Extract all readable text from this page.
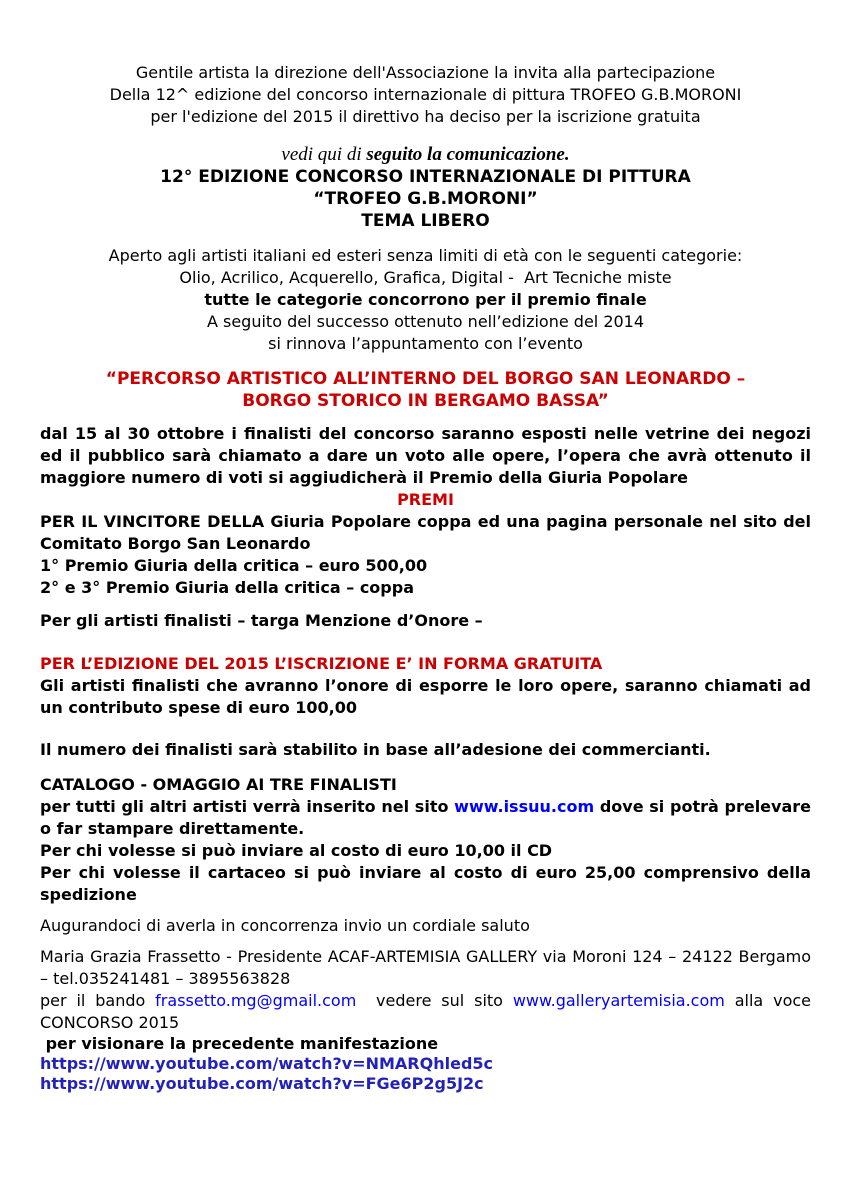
Gentile artista la direzione dell'Associazione la invita alla partecipazione

Della 12^ edizione del concorso internazionale di pittura TROFEO G.B.MORONI

per l'edizione del 2015 il direttivo ha deciso per la iscrizione gratuita

vedi qui di seguito la comunicazione.

12° EDIZIONE CONCORSO INTERNAZIONALE DI PITTURA

“TROFEO G.B.MORONI”

TEMA LIBERO

Aperto agli artisti italiani ed esteri senza limiti di età con le seguenti categorie:

Olio, Acrilico, Acquerello, Grafica, Digital -  Art Tecniche miste

tutte le categorie concorrono per il premio finale

A seguito del successo ottenuto nell’edizione del 2014

si rinnova l’appuntamento con l’evento

“PERCORSO ARTISTICO ALL’INTERNO DEL BORGO SAN LEONARDO –

BORGO STORICO IN BERGAMO BASSA”

dal 15 al 30 ottobre i finalisti del concorso saranno esposti nelle vetrine dei negozi ed il pubblico sarà chiamato a dare un voto alle opere, l’opera che avrà ottenuto il maggiore numero di voti si aggiudicherà il Premio della Giuria Popolare

PREMI

PER IL VINCITORE DELLA Giuria Popolare coppa ed una pagina personale nel sito del Comitato Borgo San Leonardo

1° Premio Giuria della critica – euro 500,00

2° e 3° Premio Giuria della critica – coppa

Per gli artisti finalisti – targa Menzione d’Onore –

PER L’EDIZIONE DEL 2015 L’ISCRIZIONE E’ IN FORMA GRATUITA

Gli artisti finalisti che avranno l’onore di esporre le loro opere, saranno chiamati ad un contributo spese di euro 100,00

Il numero dei finalisti sarà stabilito in base all’adesione dei commercianti.

CATALOGO - OMAGGIO AI TRE FINALISTI

per tutti gli altri artisti verrà inserito nel sito www.issuu.com dove si potrà prelevare o far stampare direttamente.

Per chi volesse si può inviare al costo di euro 10,00 il CD

Per chi volesse il cartaceo si può inviare al costo di euro 25,00 comprensivo della spedizione

Augurandoci di averla in concorrenza invio un cordiale saluto

Maria Grazia Frassetto - Presidente ACAF-ARTEMISIA GALLERY via Moroni 124 – 24122 Bergamo – tel.035241481 – 3895563828

per il bando frassetto.mg@gmail.com  vedere sul sito www.galleryartemisia.com alla voce CONCORSO 2015

per visionare la precedente manifestazione

https://www.youtube.com/watch?v=NMARQhled5c

https://www.youtube.com/watch?v=FGe6P2g5J2c
